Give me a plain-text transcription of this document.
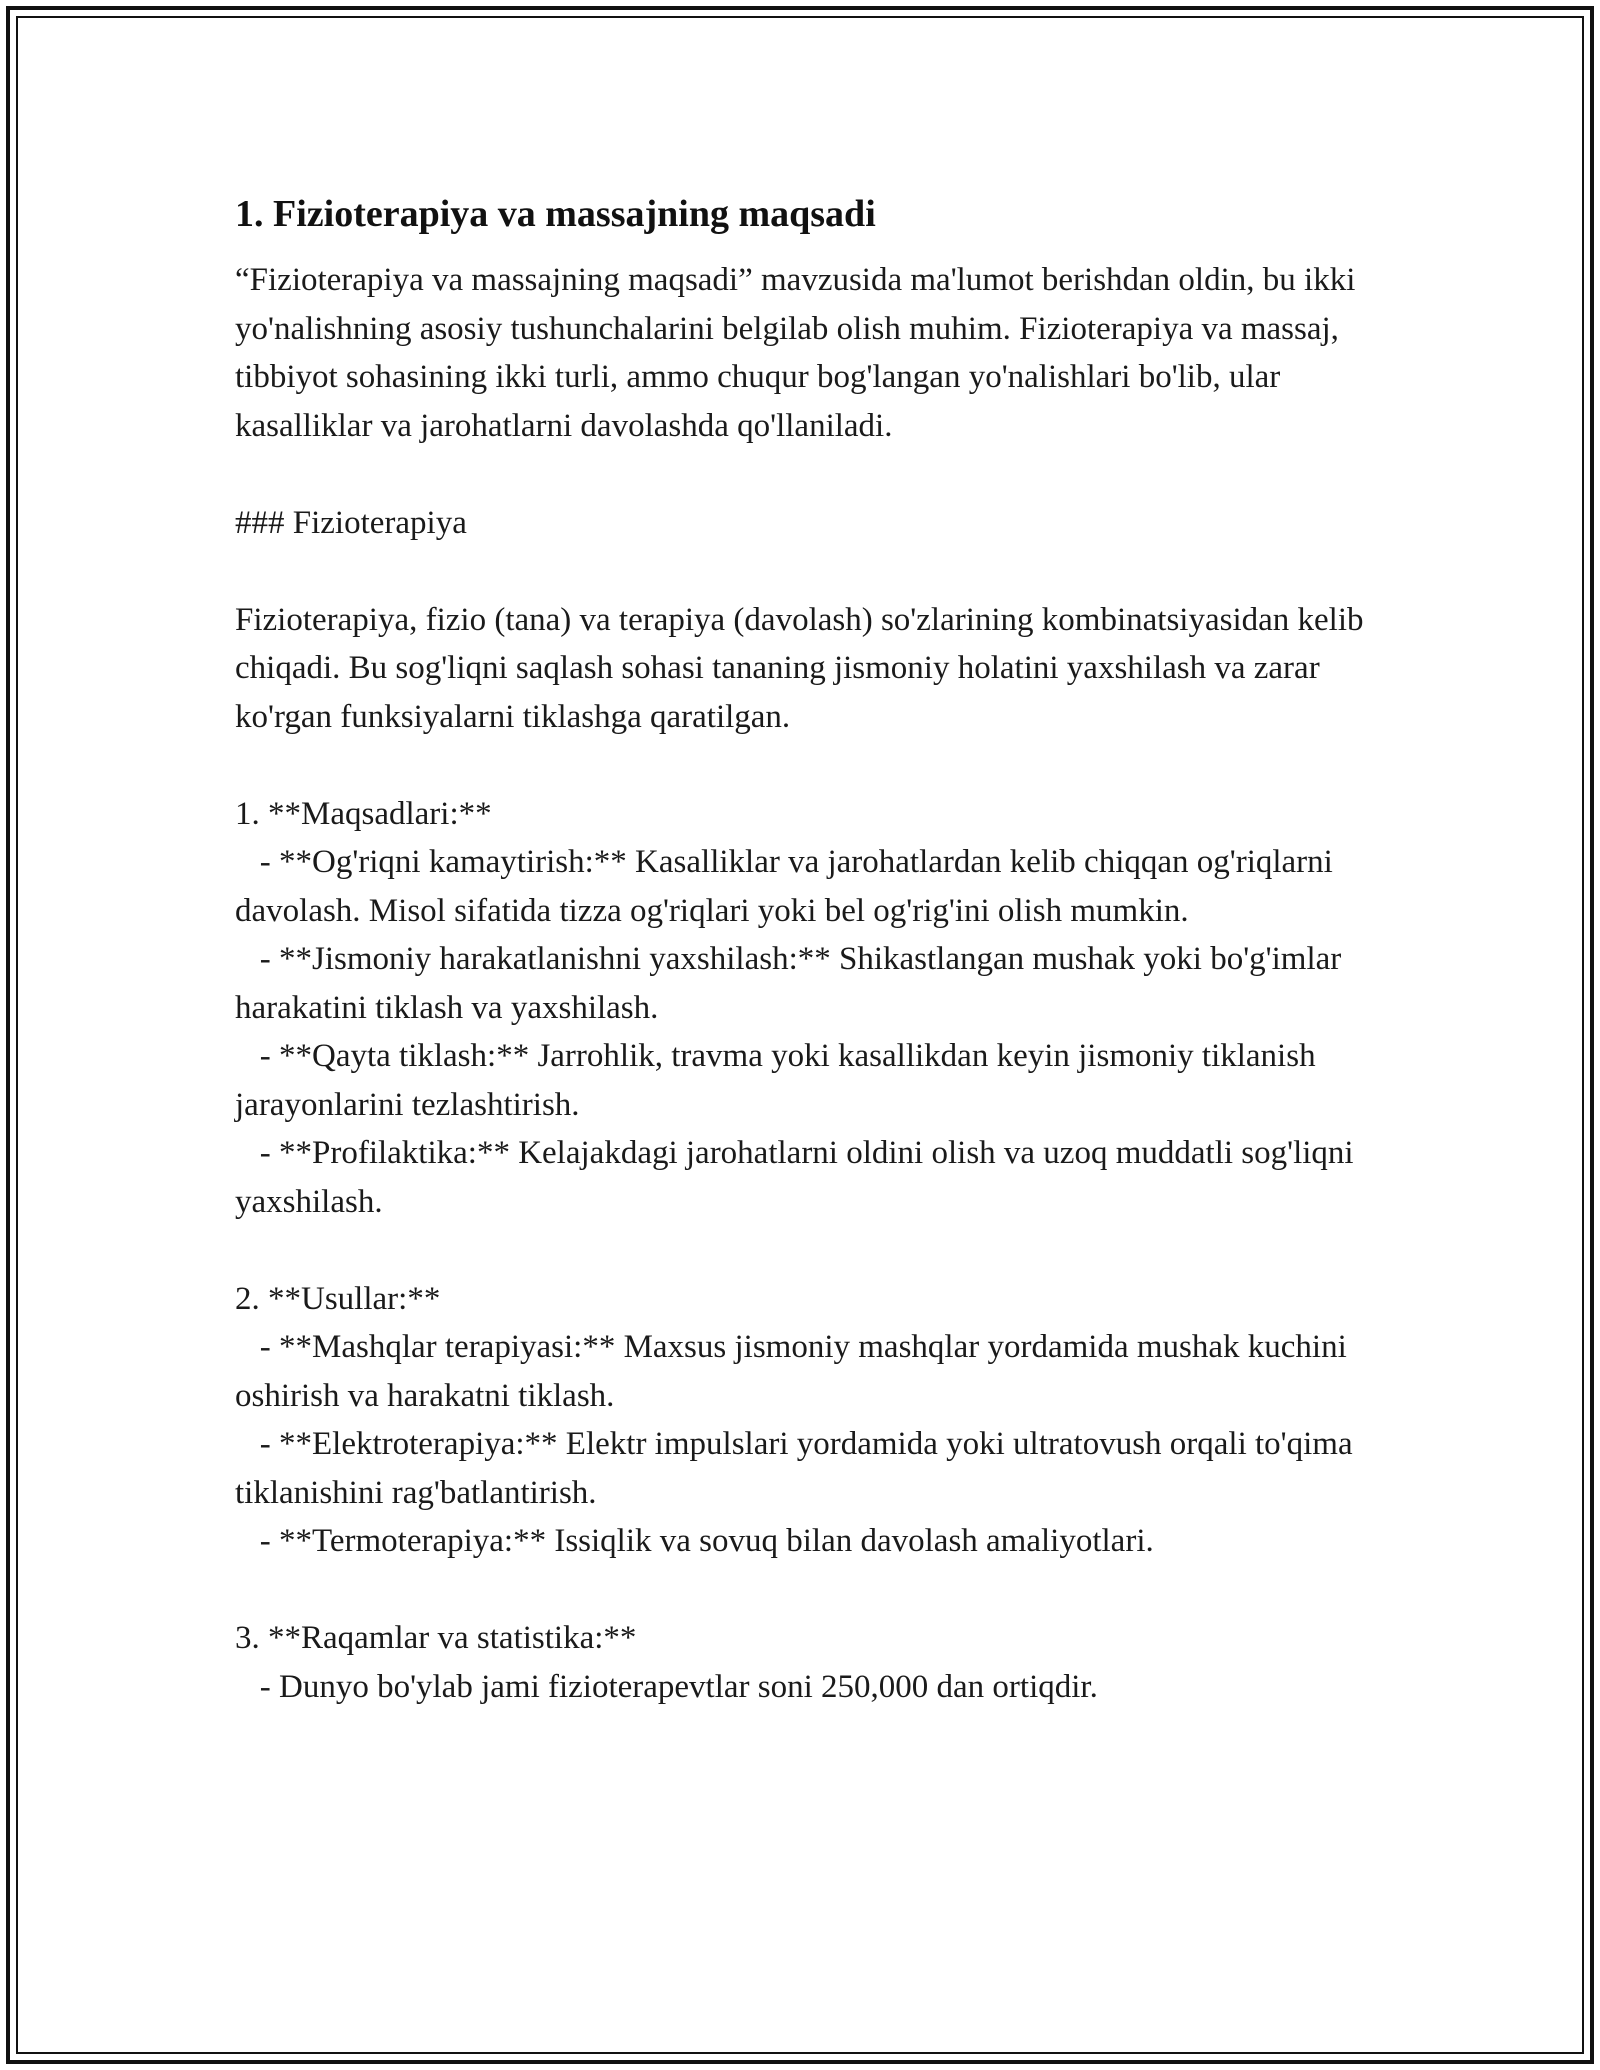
1. Fizioterapiya va massajning maqsadi

“Fizioterapiya va massajning maqsadi” mavzusida ma'lumot berishdan oldin, bu ikki yo'nalishning asosiy tushunchalarini belgilab olish muhim. Fizioterapiya va massaj, tibbiyot sohasining ikki turli, ammo chuqur bog'langan yo'nalishlari bo'lib, ular kasalliklar va jarohatlarni davolashda qo'llaniladi.

### Fizioterapiya

Fizioterapiya, fizio (tana) va terapiya (davolash) so'zlarining kombinatsiyasidan kelib chiqadi. Bu sog'liqni saqlash sohasi tananing jismoniy holatini yaxshilash va zarar ko'rgan funksiyalarni tiklashga qaratilgan.

1. **Maqsadlari:**

- **Og'riqni kamaytirish:** Kasalliklar va jarohatlardan kelib chiqqan og'riqlarni davolash. Misol sifatida tizza og'riqlari yoki bel og'rig'ini olish mumkin.

- **Jismoniy harakatlanishni yaxshilash:** Shikastlangan mushak yoki bo'g'imlar harakatini tiklash va yaxshilash.

- **Qayta tiklash:** Jarrohlik, travma yoki kasallikdan keyin jismoniy tiklanish jarayonlarini tezlashtirish.

- **Profilaktika:** Kelajakdagi jarohatlarni oldini olish va uzoq muddatli sog'liqni yaxshilash.

2. **Usullar:**

- **Mashqlar terapiyasi:** Maxsus jismoniy mashqlar yordamida mushak kuchini oshirish va harakatni tiklash.

- **Elektroterapiya:** Elektr impulslari yordamida yoki ultratovush orqali to'qima tiklanishini rag'batlantirish.

- **Termoterapiya:** Issiqlik va sovuq bilan davolash amaliyotlari.

3. **Raqamlar va statistika:**

- Dunyo bo'ylab jami fizioterapevtlar soni 250,000 dan ortiqdir.
